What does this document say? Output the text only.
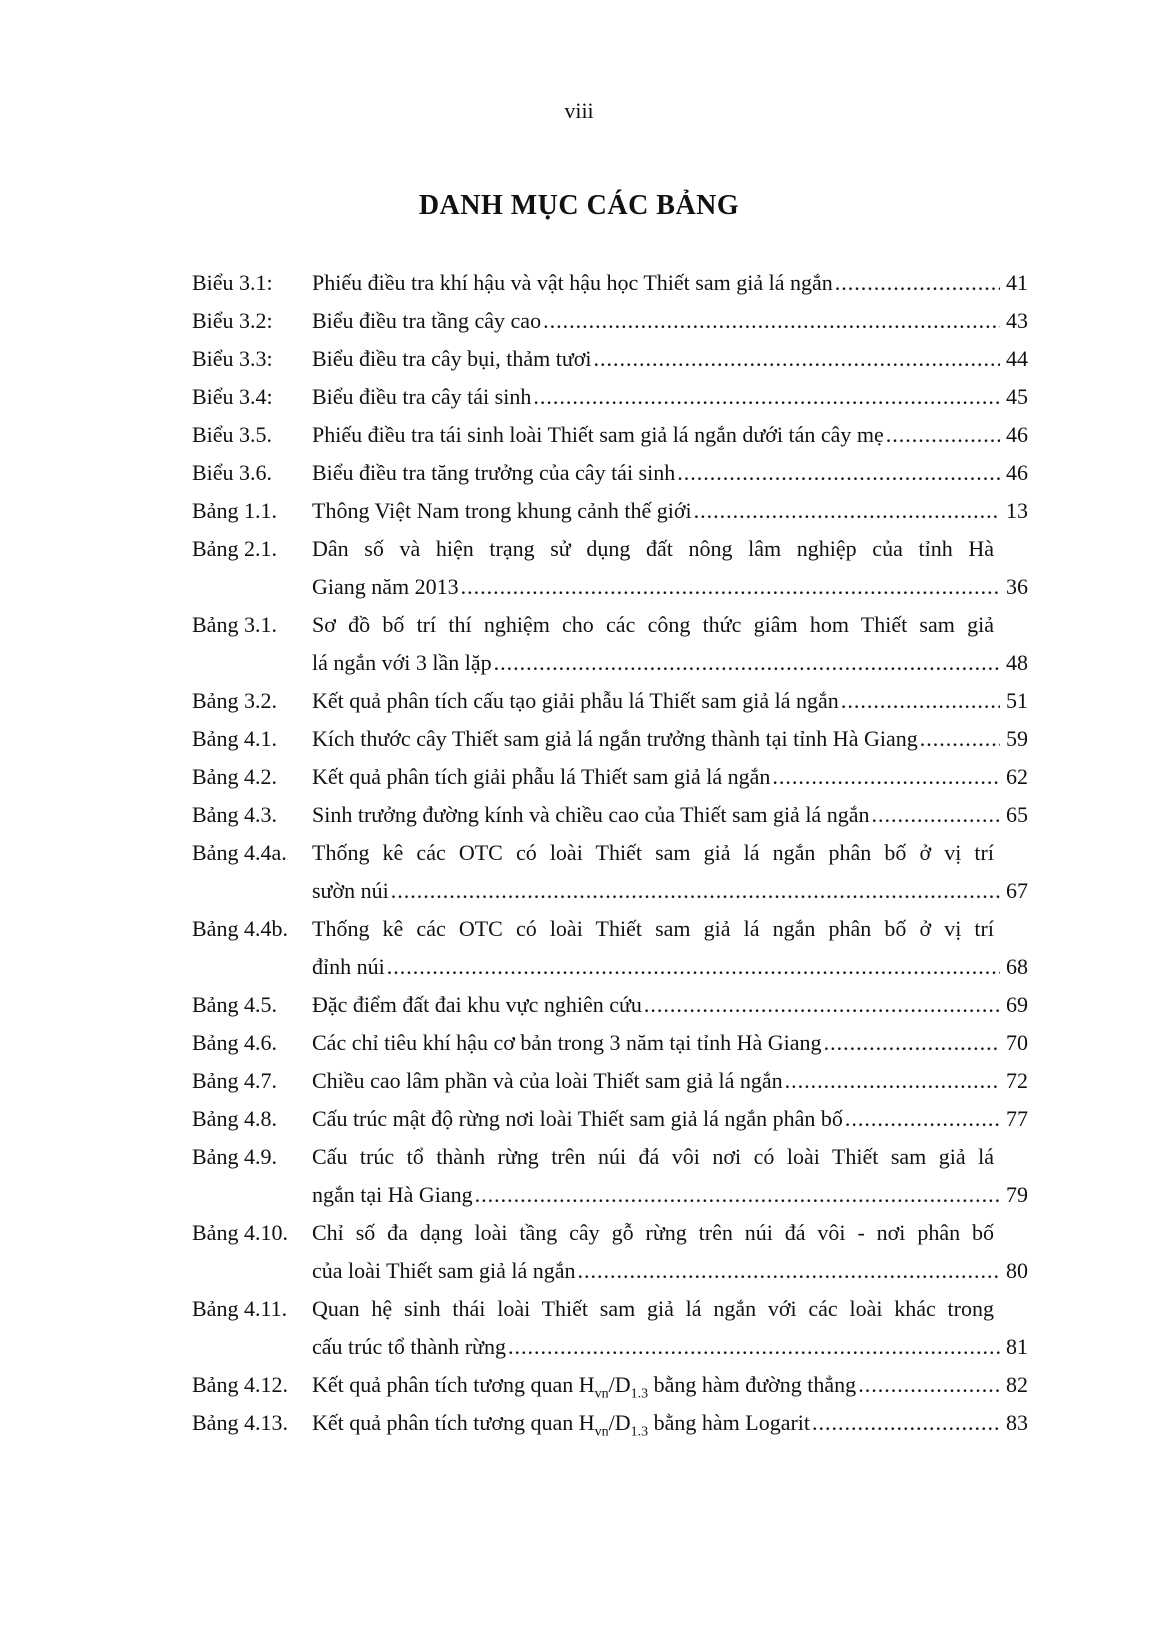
viii
DANH MỤC CÁC BẢNG
Biểu 3.1:	Phiếu điều tra khí hậu và vật hậu học Thiết sam giả lá ngắn .....	41
Biểu 3.2:	Biểu điều tra tầng cây cao .....	43
Biểu 3.3:	Biểu điều tra cây bụi, thảm tươi .....	44
Biểu 3.4:	Biểu điều tra cây tái sinh .....	45
Biểu 3.5.	Phiếu điều tra tái sinh loài Thiết sam giả lá ngắn dưới tán cây mẹ .....	46
Biểu 3.6.	Biểu điều tra tăng trưởng của cây tái sinh .....	46
Bảng 1.1.	Thông Việt Nam trong khung cảnh thế giới .....	13
Bảng 2.1.	Dân số và hiện trạng sử dụng đất nông lâm nghiệp của tỉnh Hà
Giang năm 2013 .....	36
Bảng 3.1.	Sơ đồ bố trí thí nghiệm cho các công thức giâm hom Thiết sam giả
lá ngắn với 3 lần lặp .....	48
Bảng 3.2.	Kết quả phân tích cấu tạo giải phẫu lá Thiết sam giả lá ngắn .....	51
Bảng 4.1.	Kích thước cây Thiết sam giả lá ngắn trưởng thành tại tỉnh Hà Giang .....	59
Bảng 4.2.	Kết quả phân tích giải phẫu lá Thiết sam giả lá ngắn .....	62
Bảng 4.3.	Sinh trưởng đường kính và chiều cao của Thiết sam giả lá ngắn .....	65
Bảng 4.4a.	Thống kê các OTC có loài Thiết sam giả lá ngắn phân bố ở vị trí
sườn núi .....	67
Bảng 4.4b.	Thống kê các OTC có loài Thiết sam giả lá ngắn phân bố ở vị trí
đỉnh núi .....	68
Bảng 4.5.	Đặc điểm đất đai khu vực nghiên cứu .....	69
Bảng 4.6.	Các chỉ tiêu khí hậu cơ bản trong 3 năm tại tỉnh Hà Giang .....	70
Bảng 4.7.	Chiều cao lâm phần và của loài Thiết sam giả lá ngắn .....	72
Bảng 4.8.	Cấu trúc mật độ rừng nơi loài Thiết sam giả lá ngắn phân bố .....	77
Bảng 4.9.	Cấu trúc tổ thành rừng trên núi đá vôi nơi có loài Thiết sam giả lá
ngắn tại Hà Giang .....	79
Bảng 4.10.	Chỉ số đa dạng loài tầng cây gỗ rừng trên núi đá vôi - nơi phân bố
của loài Thiết sam giả lá ngắn .....	80
Bảng 4.11.	Quan hệ sinh thái loài Thiết sam giả lá ngắn với các loài khác trong
cấu trúc tổ thành rừng .....	81
Bảng 4.12.	Kết quả phân tích tương quan $H_{vn}/D_{1.3}$ bằng hàm đường thẳng .....	82
Bảng 4.13.	Kết quả phân tích tương quan $H_{vn}/D_{1.3}$ bằng hàm Logarit .....	83
